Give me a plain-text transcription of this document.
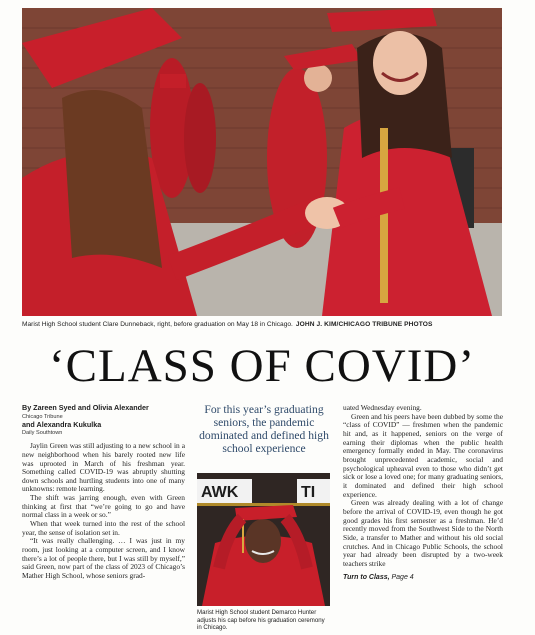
Marist High School student Clare Dunneback, right, before graduation on May 18 in Chicago. JOHN J. KIM/CHICAGO TRIBUNE PHOTOS
‘CLASS OF COVID’
By Zareen Syed and Olivia Alexander
Chicago Tribune
and Alexandra Kukulka
Daily Southtown

Jaylin Green was still adjusting to a new school in a new neighborhood when his barely rooted new life was uprooted in March of his freshman year. Something called COVID-19 was abruptly shutting down schools and hurtling students into one of many unknowns: remote learning.

The shift was jarring enough, even with Green thinking at first that “we’re going to go and have normal class in a week or so.”

When that week turned into the rest of the school year, the sense of isolation set in.

“It was really challenging. … I was just in my room, just looking at a computer screen, and I know there’s a lot of people there, but I was still by myself,” said Green, now part of the class of 2023 of Chicago’s Mather High School, whose seniors grad-

For this year’s graduating seniors, the pandemic dominated and defined high school experience
AWK	TI
Marist High School student Demarco Hunter adjusts his cap before his graduation ceremony in Chicago.

uated Wednesday evening.

Green and his peers have been dubbed by some the “class of COVID” — freshmen when the pandemic hit and, as it happened, seniors on the verge of earning their diplomas when the public health emergency formally ended in May. The coronavirus brought unprecedented academic, social and psychological upheaval even to those who didn’t get sick or lose a loved one; for many graduating seniors, it dominated and defined their high school experience.

Green was already dealing with a lot of change before the arrival of COVID-19, even though he got good grades his first semester as a freshman. He’d recently moved from the Southwest Side to the North Side, a transfer to Mather and without his old social crutches. And in Chicago Public Schools, the school year had already been disrupted by a two-week teachers strike

Turn to Class, Page 4
